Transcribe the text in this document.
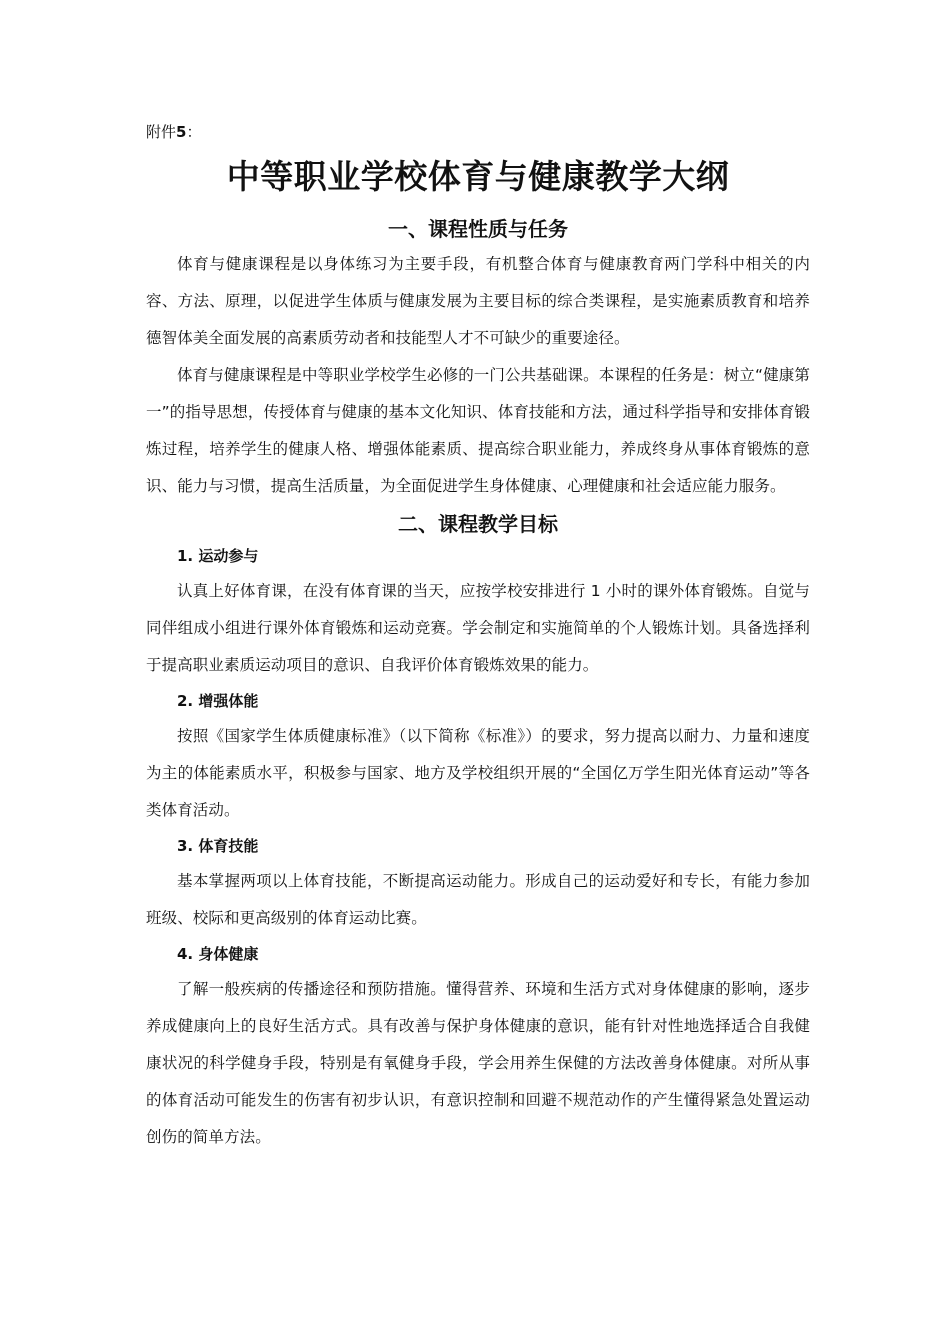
附件5：
中等职业学校体育与健康教学大纲
一、课程性质与任务

体育与健康课程是以身体练习为主要手段，有机整合体育与健康教育两门学科中相关的内容、方法、原理，以促进学生体质与健康发展为主要目标的综合类课程，是实施素质教育和培养德智体美全面发展的高素质劳动者和技能型人才不可缺少的重要途径。

体育与健康课程是中等职业学校学生必修的一门公共基础课。本课程的任务是：树立“健康第一”的指导思想，传授体育与健康的基本文化知识、体育技能和方法，通过科学指导和安排体育锻炼过程，培养学生的健康人格、增强体能素质、提高综合职业能力，养成终身从事体育锻炼的意识、能力与习惯，提高生活质量，为全面促进学生身体健康、心理健康和社会适应能力服务。

二、课程教学目标
1. 运动参与

认真上好体育课，在没有体育课的当天，应按学校安排进行 1 小时的课外体育锻炼。自觉与同伴组成小组进行课外体育锻炼和运动竞赛。学会制定和实施简单的个人锻炼计划。具备选择利于提高职业素质运动项目的意识、自我评价体育锻炼效果的能力。

2. 增强体能

按照《国家学生体质健康标准》（以下简称《标准》）的要求，努力提高以耐力、力量和速度为主的体能素质水平，积极参与国家、地方及学校组织开展的“全国亿万学生阳光体育运动”等各类体育活动。

3. 体育技能

基本掌握两项以上体育技能，不断提高运动能力。形成自己的运动爱好和专长，有能力参加班级、校际和更高级别的体育运动比赛。

4. 身体健康

了解一般疾病的传播途径和预防措施。懂得营养、环境和生活方式对身体健康的影响，逐步养成健康向上的良好生活方式。具有改善与保护身体健康的意识，能有针对性地选择适合自我健康状况的科学健身手段，特别是有氧健身手段，学会用养生保健的方法改善身体健康。对所从事的体育活动可能发生的伤害有初步认识，有意识控制和回避不规范动作的产生懂得紧急处置运动创伤的简单方法。
